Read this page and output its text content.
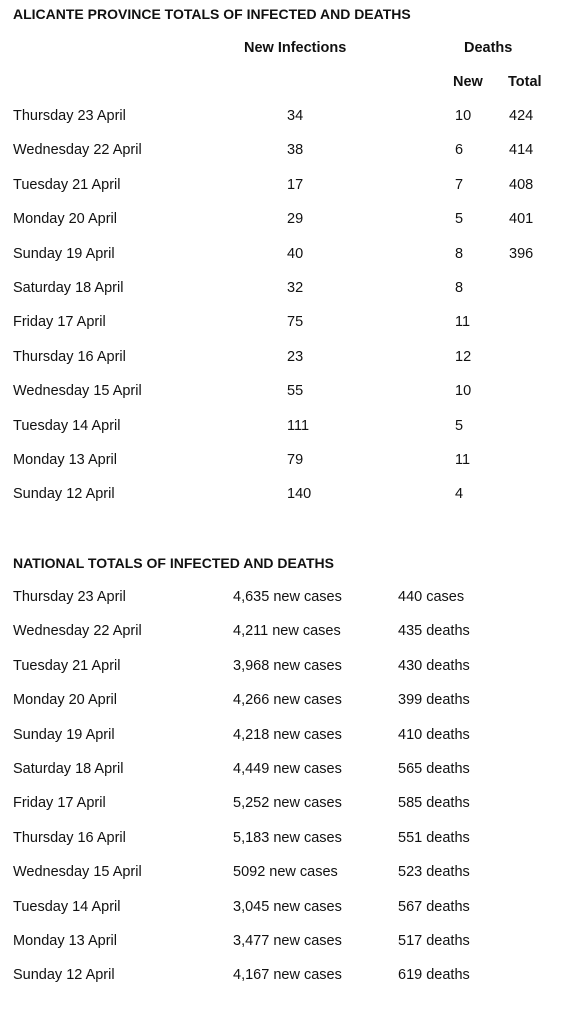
ALICANTE PROVINCE TOTALS OF INFECTED AND DEATHS
New Infections	Deaths
New Total
Thursday 23 April	34	10	424
Wednesday 22 April	38	6	414
Tuesday 21 April	17	7	408
Monday 20 April	29	5	401
Sunday 19 April	40	8	396
Saturday 18 April	32	8
Friday 17 April	75	11
Thursday 16 April	23	12
Wednesday 15 April	55	10
Tuesday 14 April	111	5
Monday 13 April	79	11
Sunday 12 April	140	4
NATIONAL TOTALS OF INFECTED AND DEATHS
Thursday 23 April	4,635 new cases	440 cases
Wednesday 22 April	4,211 new cases	435 deaths
Tuesday 21 April	3,968 new cases	430 deaths
Monday 20 April	4,266 new cases	399 deaths
Sunday 19 April	4,218 new cases	410 deaths
Saturday 18 April	4,449 new cases	565 deaths
Friday 17 April	5,252 new cases	585 deaths
Thursday 16 April	5,183 new cases	551 deaths
Wednesday 15 April	5092 new cases	523 deaths
Tuesday 14 April	3,045 new cases	567 deaths
Monday 13 April	3,477 new cases	517 deaths
Sunday 12 April	4,167 new cases	619 deaths
